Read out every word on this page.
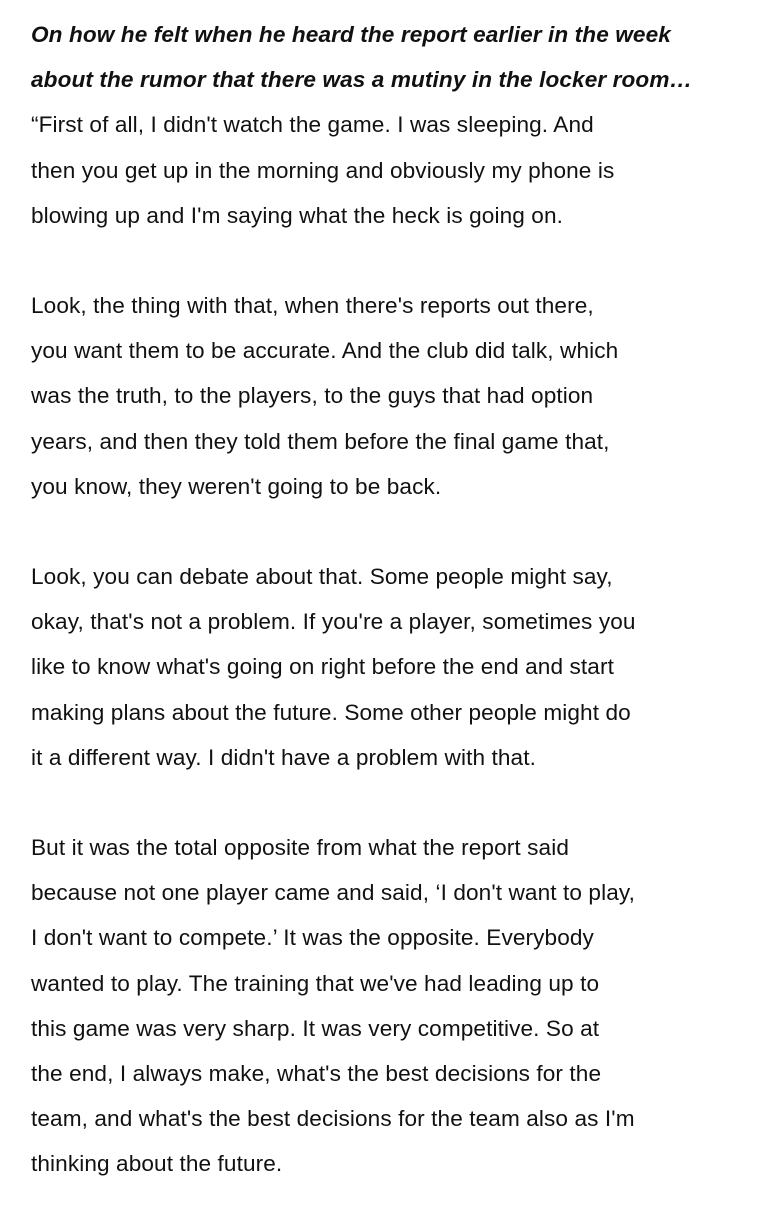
On how he felt when he heard the report earlier in the week about the rumor that there was a mutiny in the locker room…

“First of all, I didn't watch the game. I was sleeping. And
then you get up in the morning and obviously my phone is
blowing up and I'm saying what the heck is going on.

Look, the thing with that, when there's reports out there,
you want them to be accurate. And the club did talk, which
was the truth, to the players, to the guys that had option
years, and then they told them before the final game that,
you know, they weren't going to be back.

Look, you can debate about that. Some people might say,
okay, that's not a problem. If you're a player, sometimes you
like to know what's going on right before the end and start
making plans about the future. Some other people might do
it a different way. I didn't have a problem with that.

But it was the total opposite from what the report said
because not one player came and said, ‘I don't want to play,
I don't want to compete.’ It was the opposite. Everybody
wanted to play. The training that we've had leading up to
this game was very sharp. It was very competitive. So at
the end, I always make, what's the best decisions for the
team, and what's the best decisions for the team also as I'm
thinking about the future.
